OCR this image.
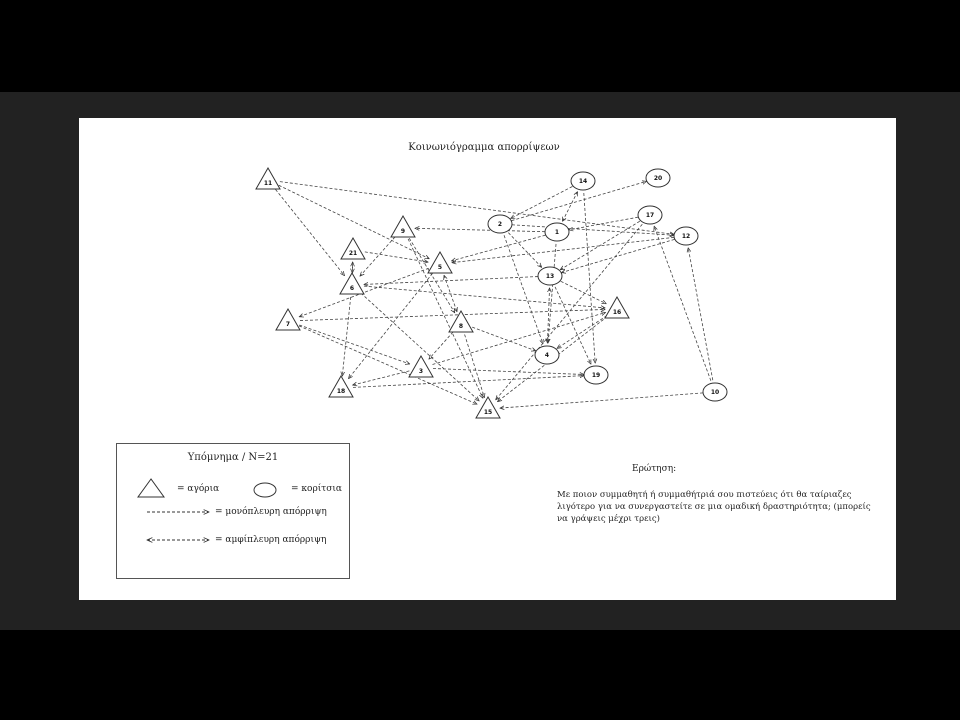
Κοινωνιόγραμμα απορρίψεων
11
9
21
5
6
7	8
3
18
15
16
14	20
2
1
17
12
13
4
19
10
Υπόμνημα / Ν=21
= αγόρια	= κορίτσια
= μονόπλευρη απόρριψη
= αμφίπλευρη απόρριψη
Ερώτηση:
Με ποιον συμμαθητή ή συμμαθήτριά σου πιστεύεις ότι θα ταίριαζες λιγότερο για να συνεργαστείτε σε μια ομαδική δραστηριότητα; (μπορείς να γράψεις μέχρι τρεις)
